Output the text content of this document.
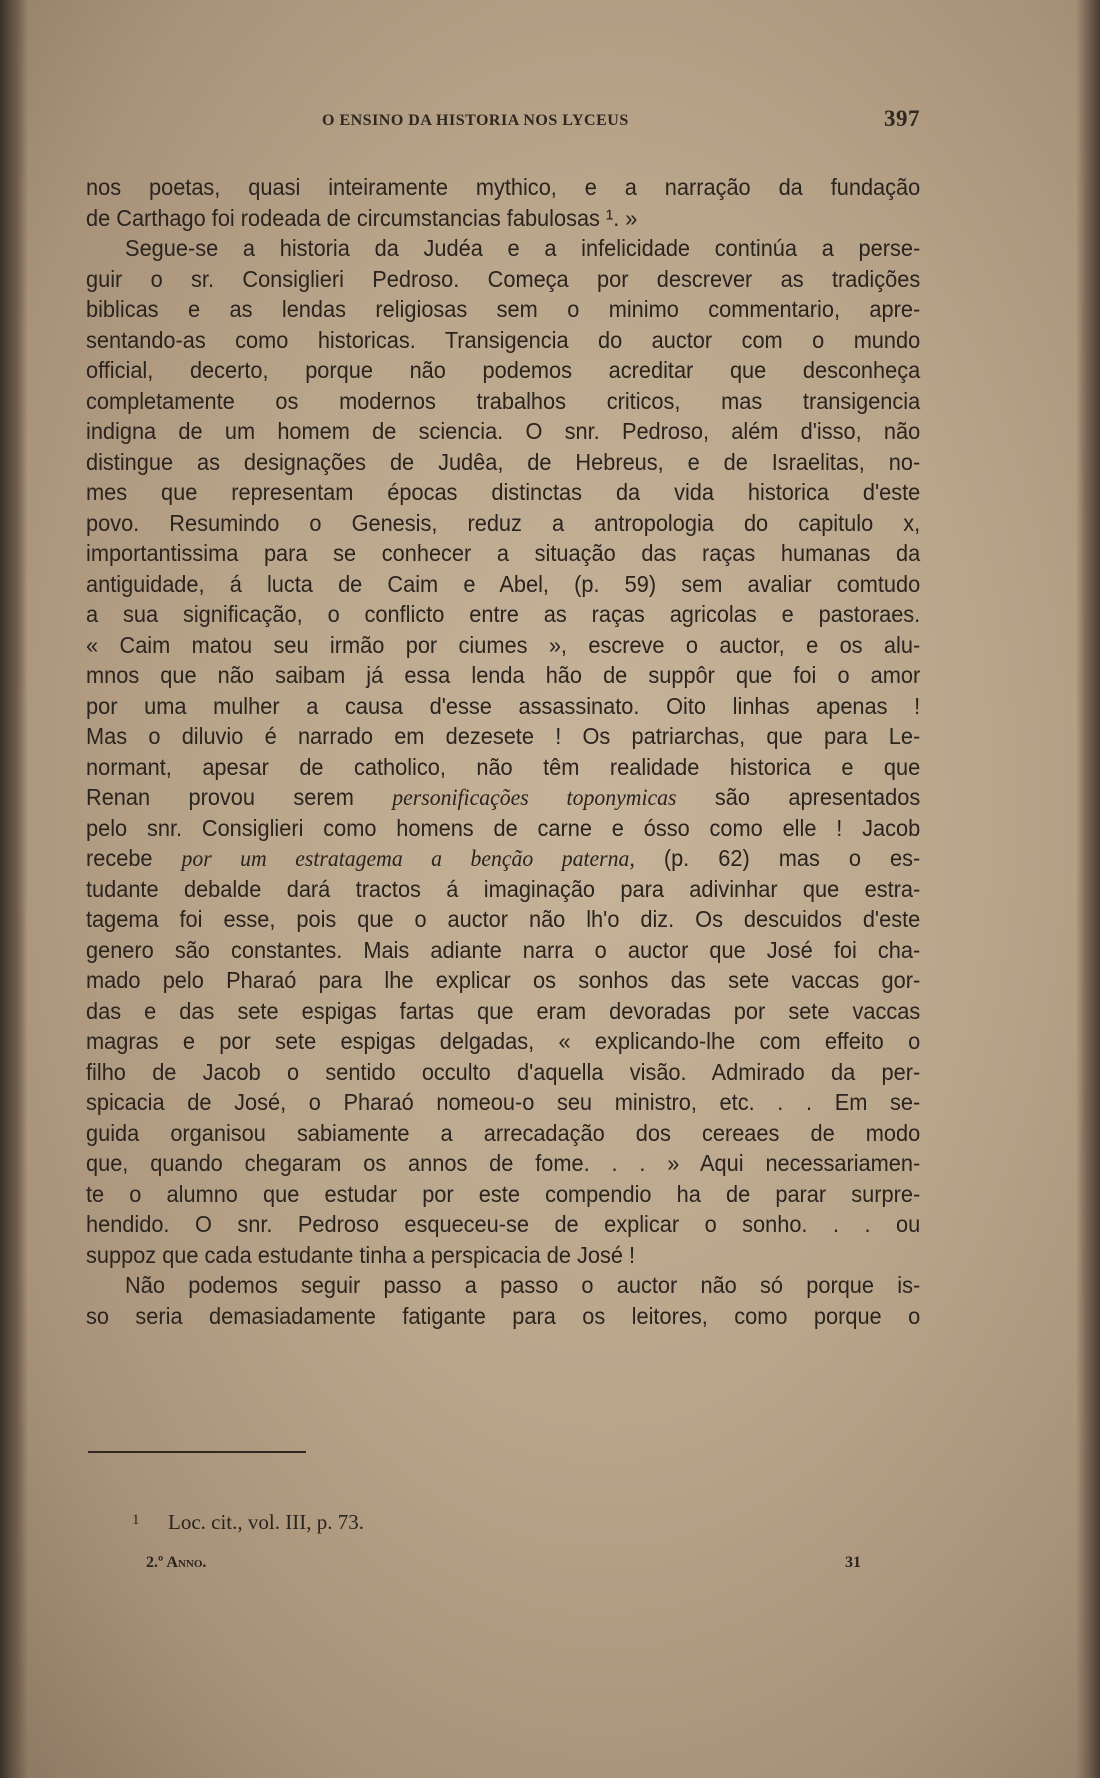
O ENSINO DA HISTORIA NOS LYCEUS	397
nos poetas, quasi inteiramente mythico, e a narração da fundação
de Carthago foi rodeada de circumstancias fabulosas ¹. »
Segue-se a historia da Judéa e a infelicidade continúa a perse-
guir o sr. Consiglieri Pedroso. Começa por descrever as tradições
biblicas e as lendas religiosas sem o minimo commentario, apre-
sentando-as como historicas. Transigencia do auctor com o mundo
official, decerto, porque não podemos acreditar que desconheça
completamente os modernos trabalhos criticos, mas transigencia
indigna de um homem de sciencia. O snr. Pedroso, além d'isso, não
distingue as designações de Judêa, de Hebreus, e de Israelitas, no-
mes que representam épocas distinctas da vida historica d'este
povo. Resumindo o Genesis, reduz a antropologia do capitulo x,
importantissima para se conhecer a situação das raças humanas da
antiguidade, á lucta de Caim e Abel, (p. 59) sem avaliar comtudo
a sua significação, o conflicto entre as raças agricolas e pastoraes.
« Caim matou seu irmão por ciumes », escreve o auctor, e os alu-
mnos que não saibam já essa lenda hão de suppôr que foi o amor
por uma mulher a causa d'esse assassinato. Oito linhas apenas !
Mas o diluvio é narrado em dezesete ! Os patriarchas, que para Le-
normant, apesar de catholico, não têm realidade historica e que
Renan provou serem personificações toponymicas são apresentados
pelo snr. Consiglieri como homens de carne e ósso como elle ! Jacob
recebe por um estratagema a benção paterna, (p. 62) mas o es-
tudante debalde dará tractos á imaginação para adivinhar que estra-
tagema foi esse, pois que o auctor não lh'o diz. Os descuidos d'este
genero são constantes. Mais adiante narra o auctor que José foi cha-
mado pelo Pharaó para lhe explicar os sonhos das sete vaccas gor-
das e das sete espigas fartas que eram devoradas por sete vaccas
magras e por sete espigas delgadas, « explicando-lhe com effeito o
filho de Jacob o sentido occulto d'aquella visão. Admirado da per-
spicacia de José, o Pharaó nomeou-o seu ministro, etc. . . Em se-
guida organisou sabiamente a arrecadação dos cereaes de modo
que, quando chegaram os annos de fome. . . » Aqui necessariamen-
te o alumno que estudar por este compendio ha de parar surpre-
hendido. O snr. Pedroso esqueceu-se de explicar o sonho. . . ou
suppoz que cada estudante tinha a perspicacia de José !
Não podemos seguir passo a passo o auctor não só porque is-
so seria demasiadamente fatigante para os leitores, como porque o
1 Loc. cit., vol. III, p. 73.
2.º Anno.	31
